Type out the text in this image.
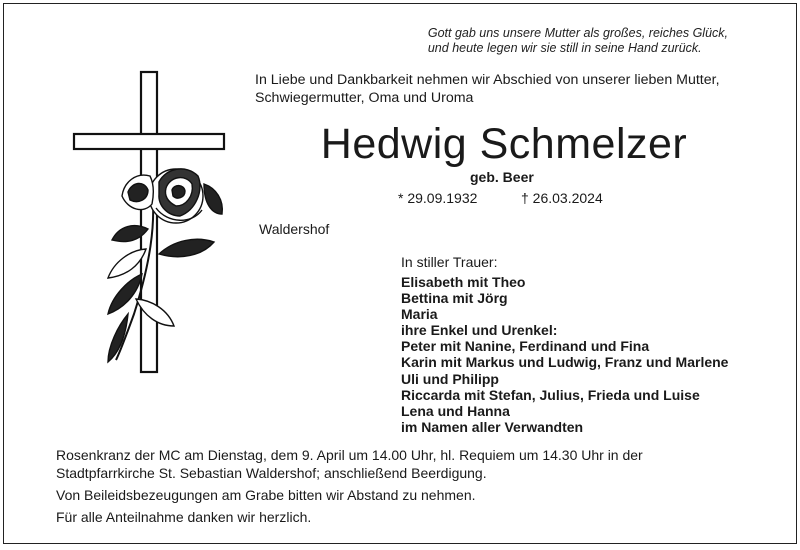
Gott gab uns unsere Mutter als großes, reiches Glück,
und heute legen wir sie still in seine Hand zurück.
In Liebe und Dankbarkeit nehmen wir Abschied von unserer lieben Mutter,
Schwiegermutter, Oma und Uroma
Hedwig Schmelzer
geb. Beer
* 29.09.1932	† 26.03.2024
Waldershof
In stiller Trauer:
Elisabeth mit Theo
Bettina mit Jörg
Maria
ihre Enkel und Urenkel:
Peter mit Nanine, Ferdinand und Fina
Karin mit Markus und Ludwig, Franz und Marlene
Uli und Philipp
Riccarda mit Stefan, Julius, Frieda und Luise
Lena und Hanna
im Namen aller Verwandten

Rosenkranz der MC am Dienstag, dem 9. April um 14.00 Uhr, hl. Requiem um 14.30 Uhr in der
Stadtpfarrkirche St. Sebastian Waldershof; anschließend Beerdigung.

Von Beileidsbezeugungen am Grabe bitten wir Abstand zu nehmen.

Für alle Anteilnahme danken wir herzlich.
